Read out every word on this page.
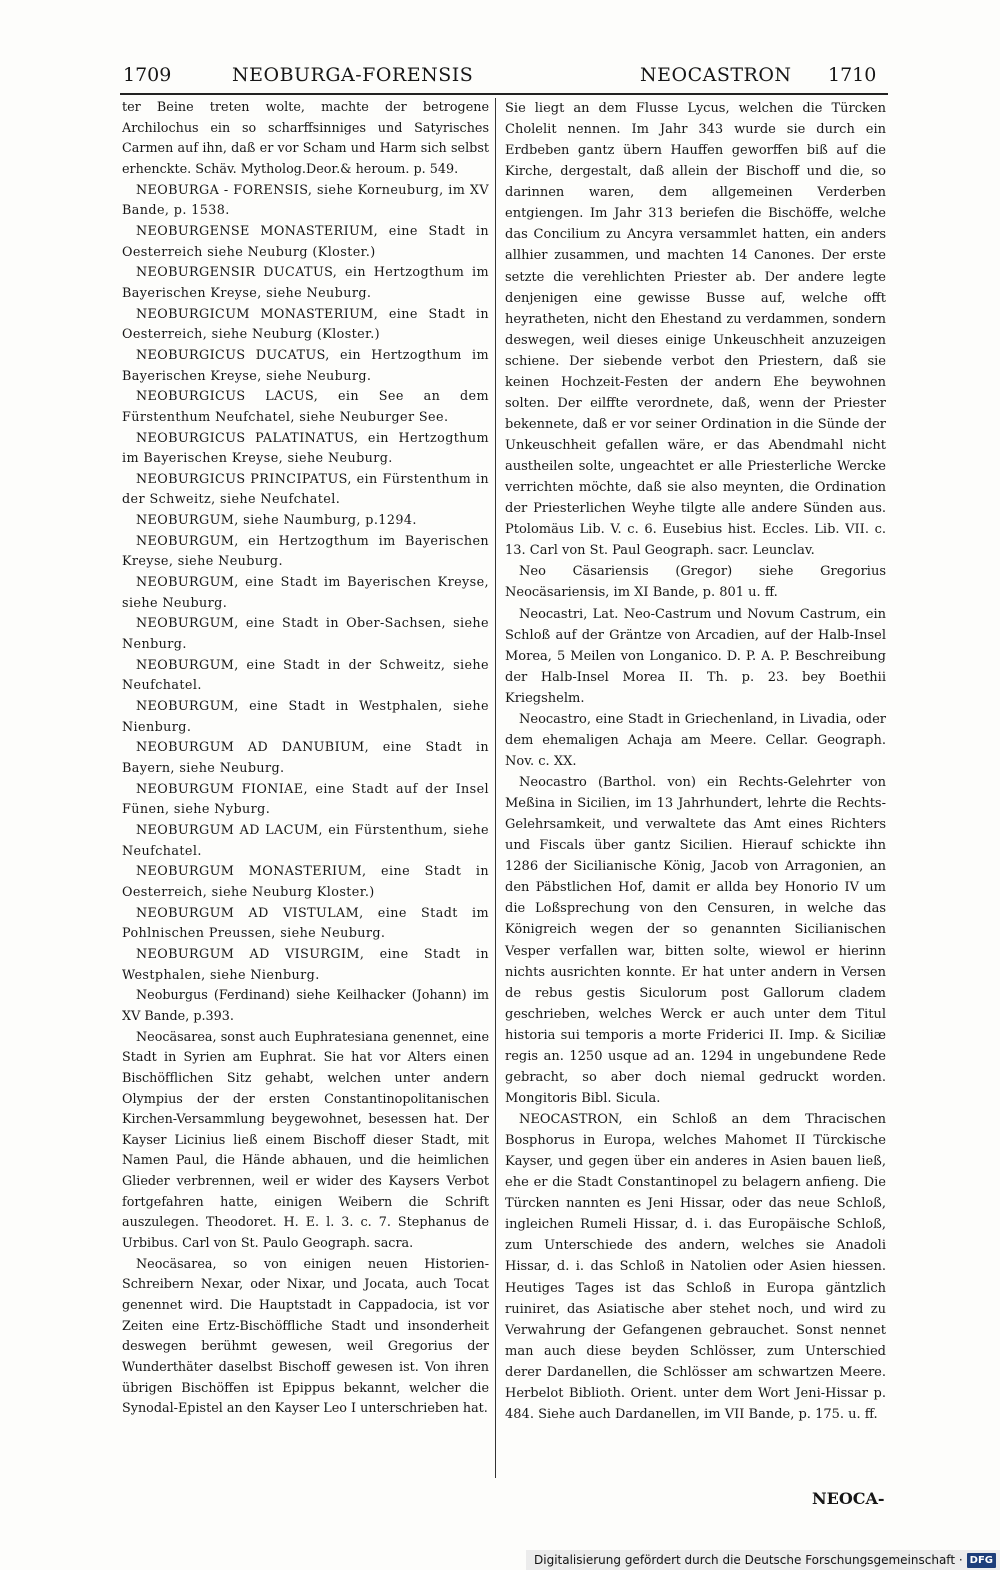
1709	NEOBURGA-FORENSIS	NEOCASTRON 1710

ter Beine treten wolte, machte der betrogene Archilochus ein so scharffsinniges und Satyrisches Carmen auf ihn, daß er vor Scham und Harm sich selbst erhenckte. Schäv. Mytholog.Deor.& heroum. p. 549.

NEOBURGA - FORENSIS, siehe Korneuburg, im XV Bande, p. 1538.

NEOBURGENSE MONASTERIUM, eine Stadt in Oesterreich siehe Neuburg (Kloster.)

NEOBURGENSIR DUCATUS, ein Hertzogthum im Bayerischen Kreyse, siehe Neuburg.

NEOBURGICUM MONASTERIUM, eine Stadt in Oesterreich, siehe Neuburg (Kloster.)

NEOBURGICUS DUCATUS, ein Hertzogthum im Bayerischen Kreyse, siehe Neuburg.

NEOBURGICUS LACUS, ein See an dem Fürstenthum Neufchatel, siehe Neuburger See.

NEOBURGICUS PALATINATUS, ein Hertzogthum im Bayerischen Kreyse, siehe Neuburg.

NEOBURGICUS PRINCIPATUS, ein Fürstenthum in der Schweitz, siehe Neufchatel.

NEOBURGUM, siehe Naumburg, p.1294.

NEOBURGUM, ein Hertzogthum im Bayerischen Kreyse, siehe Neuburg.

NEOBURGUM, eine Stadt im Bayerischen Kreyse, siehe Neuburg.

NEOBURGUM, eine Stadt in Ober-Sachsen, siehe Nenburg.

NEOBURGUM, eine Stadt in der Schweitz, siehe Neufchatel.

NEOBURGUM, eine Stadt in Westphalen, siehe Nienburg.

NEOBURGUM AD DANUBIUM, eine Stadt in Bayern, siehe Neuburg.

NEOBURGUM FIONIAE, eine Stadt auf der Insel Fünen, siehe Nyburg.

NEOBURGUM AD LACUM, ein Fürstenthum, siehe Neufchatel.

NEOBURGUM MONASTERIUM, eine Stadt in Oesterreich, siehe Neuburg Kloster.)

NEOBURGUM AD VISTULAM, eine Stadt im Pohlnischen Preussen, siehe Neuburg.

NEOBURGUM AD VISURGIM, eine Stadt in Westphalen, siehe Nienburg.

Neoburgus (Ferdinand) siehe Keilhacker (Johann) im XV Bande, p.393.

Neocäsarea, sonst auch Euphratesiana genennet, eine Stadt in Syrien am Euphrat. Sie hat vor Alters einen Bischöfflichen Sitz gehabt, welchen unter andern Olympius der der ersten Constantinopolitanischen Kirchen-Versammlung beygewohnet, besessen hat. Der Kayser Licinius ließ einem Bischoff dieser Stadt, mit Namen Paul, die Hände abhauen, und die heimlichen Glieder verbrennen, weil er wider des Kaysers Verbot fortgefahren hatte, einigen Weibern die Schrift auszulegen. Theodoret. H. E. l. 3. c. 7. Stephanus de Urbibus. Carl von St. Paulo Geograph. sacra.

Neocäsarea, so von einigen neuen Historien-Schreibern Nexar, oder Nixar, und Jocata, auch Tocat genennet wird. Die Hauptstadt in Cappadocia, ist vor Zeiten eine Ertz-Bischöffliche Stadt und insonderheit deswegen berühmt gewesen, weil Gregorius der Wunderthäter daselbst Bischoff gewesen ist. Von ihren übrigen Bischöffen ist Epippus bekannt, welcher die Synodal-Epistel an den Kayser Leo I unterschrieben hat.

Sie liegt an dem Flusse Lycus, welchen die Türcken Cholelit nennen. Im Jahr 343 wurde sie durch ein Erdbeben gantz übern Hauffen geworffen biß auf die Kirche, dergestalt, daß allein der Bischoff und die, so darinnen waren, dem allgemeinen Verderben entgiengen. Im Jahr 313 beriefen die Bischöffe, welche das Concilium zu Ancyra versammlet hatten, ein anders allhier zusammen, und machten 14 Canones. Der erste setzte die verehlichten Priester ab. Der andere legte denjenigen eine gewisse Busse auf, welche offt heyratheten, nicht den Ehestand zu verdammen, sondern deswegen, weil dieses einige Unkeuschheit anzuzeigen schiene. Der siebende verbot den Priestern, daß sie keinen Hochzeit-Festen der andern Ehe beywohnen solten. Der eilffte verordnete, daß, wenn der Priester bekennete, daß er vor seiner Ordination in die Sünde der Unkeuschheit gefallen wäre, er das Abendmahl nicht austheilen solte, ungeachtet er alle Priesterliche Wercke verrichten möchte, daß sie also meynten, die Ordination der Priesterlichen Weyhe tilgte alle andere Sünden aus. Ptolomäus Lib. V. c. 6. Eusebius hist. Eccles. Lib. VII. c. 13. Carl von St. Paul Geograph. sacr. Leunclav.

Neo Cäsariensis (Gregor) siehe Gregorius Neocäsariensis, im XI Bande, p. 801 u. ff.

Neocastri, Lat. Neo-Castrum und Novum Castrum, ein Schloß auf der Gräntze von Arcadien, auf der Halb-Insel Morea, 5 Meilen von Longanico. D. P. A. P. Beschreibung der Halb-Insel Morea II. Th. p. 23. bey Boethii Kriegshelm.

Neocastro, eine Stadt in Griechenland, in Livadia, oder dem ehemaligen Achaja am Meere. Cellar. Geograph. Nov. c. XX.

Neocastro (Barthol. von) ein Rechts-Gelehrter von Meßina in Sicilien, im 13 Jahrhundert, lehrte die Rechts-Gelehrsamkeit, und verwaltete das Amt eines Richters und Fiscals über gantz Sicilien. Hierauf schickte ihn 1286 der Sicilianische König, Jacob von Arragonien, an den Päbstlichen Hof, damit er allda bey Honorio IV um die Loßsprechung von den Censuren, in welche das Königreich wegen der so genannten Sicilianischen Vesper verfallen war, bitten solte, wiewol er hierinn nichts ausrichten konnte. Er hat unter andern in Versen de rebus gestis Siculorum post Gallorum cladem geschrieben, welches Werck er auch unter dem Titul historia sui temporis a morte Friderici II. Imp. & Siciliæ regis an. 1250 usque ad an. 1294 in ungebundene Rede gebracht, so aber doch niemal gedruckt worden. Mongitoris Bibl. Sicula.

NEOCASTRON, ein Schloß an dem Thracischen Bosphorus in Europa, welches Mahomet II Türckische Kayser, und gegen über ein anderes in Asien bauen ließ, ehe er die Stadt Constantinopel zu belagern anfieng. Die Türcken nannten es Jeni Hissar, oder das neue Schloß, ingleichen Rumeli Hissar, d. i. das Europäische Schloß, zum Unterschiede des andern, welches sie Anadoli Hissar, d. i. das Schloß in Natolien oder Asien hiessen. Heutiges Tages ist das Schloß in Europa gäntzlich ruiniret, das Asiatische aber stehet noch, und wird zu Verwahrung der Gefangenen gebrauchet. Sonst nennet man auch diese beyden Schlösser, zum Unterschied derer Dardanellen, die Schlösser am schwartzen Meere. Herbelot Biblioth. Orient. unter dem Wort Jeni-Hissar p. 484. Siehe auch Dardanellen, im VII Bande, p. 175. u. ff.

NEOCA-
Digitalisierung gefördert durch die Deutsche Forschungsgemeinschaft · DFG
